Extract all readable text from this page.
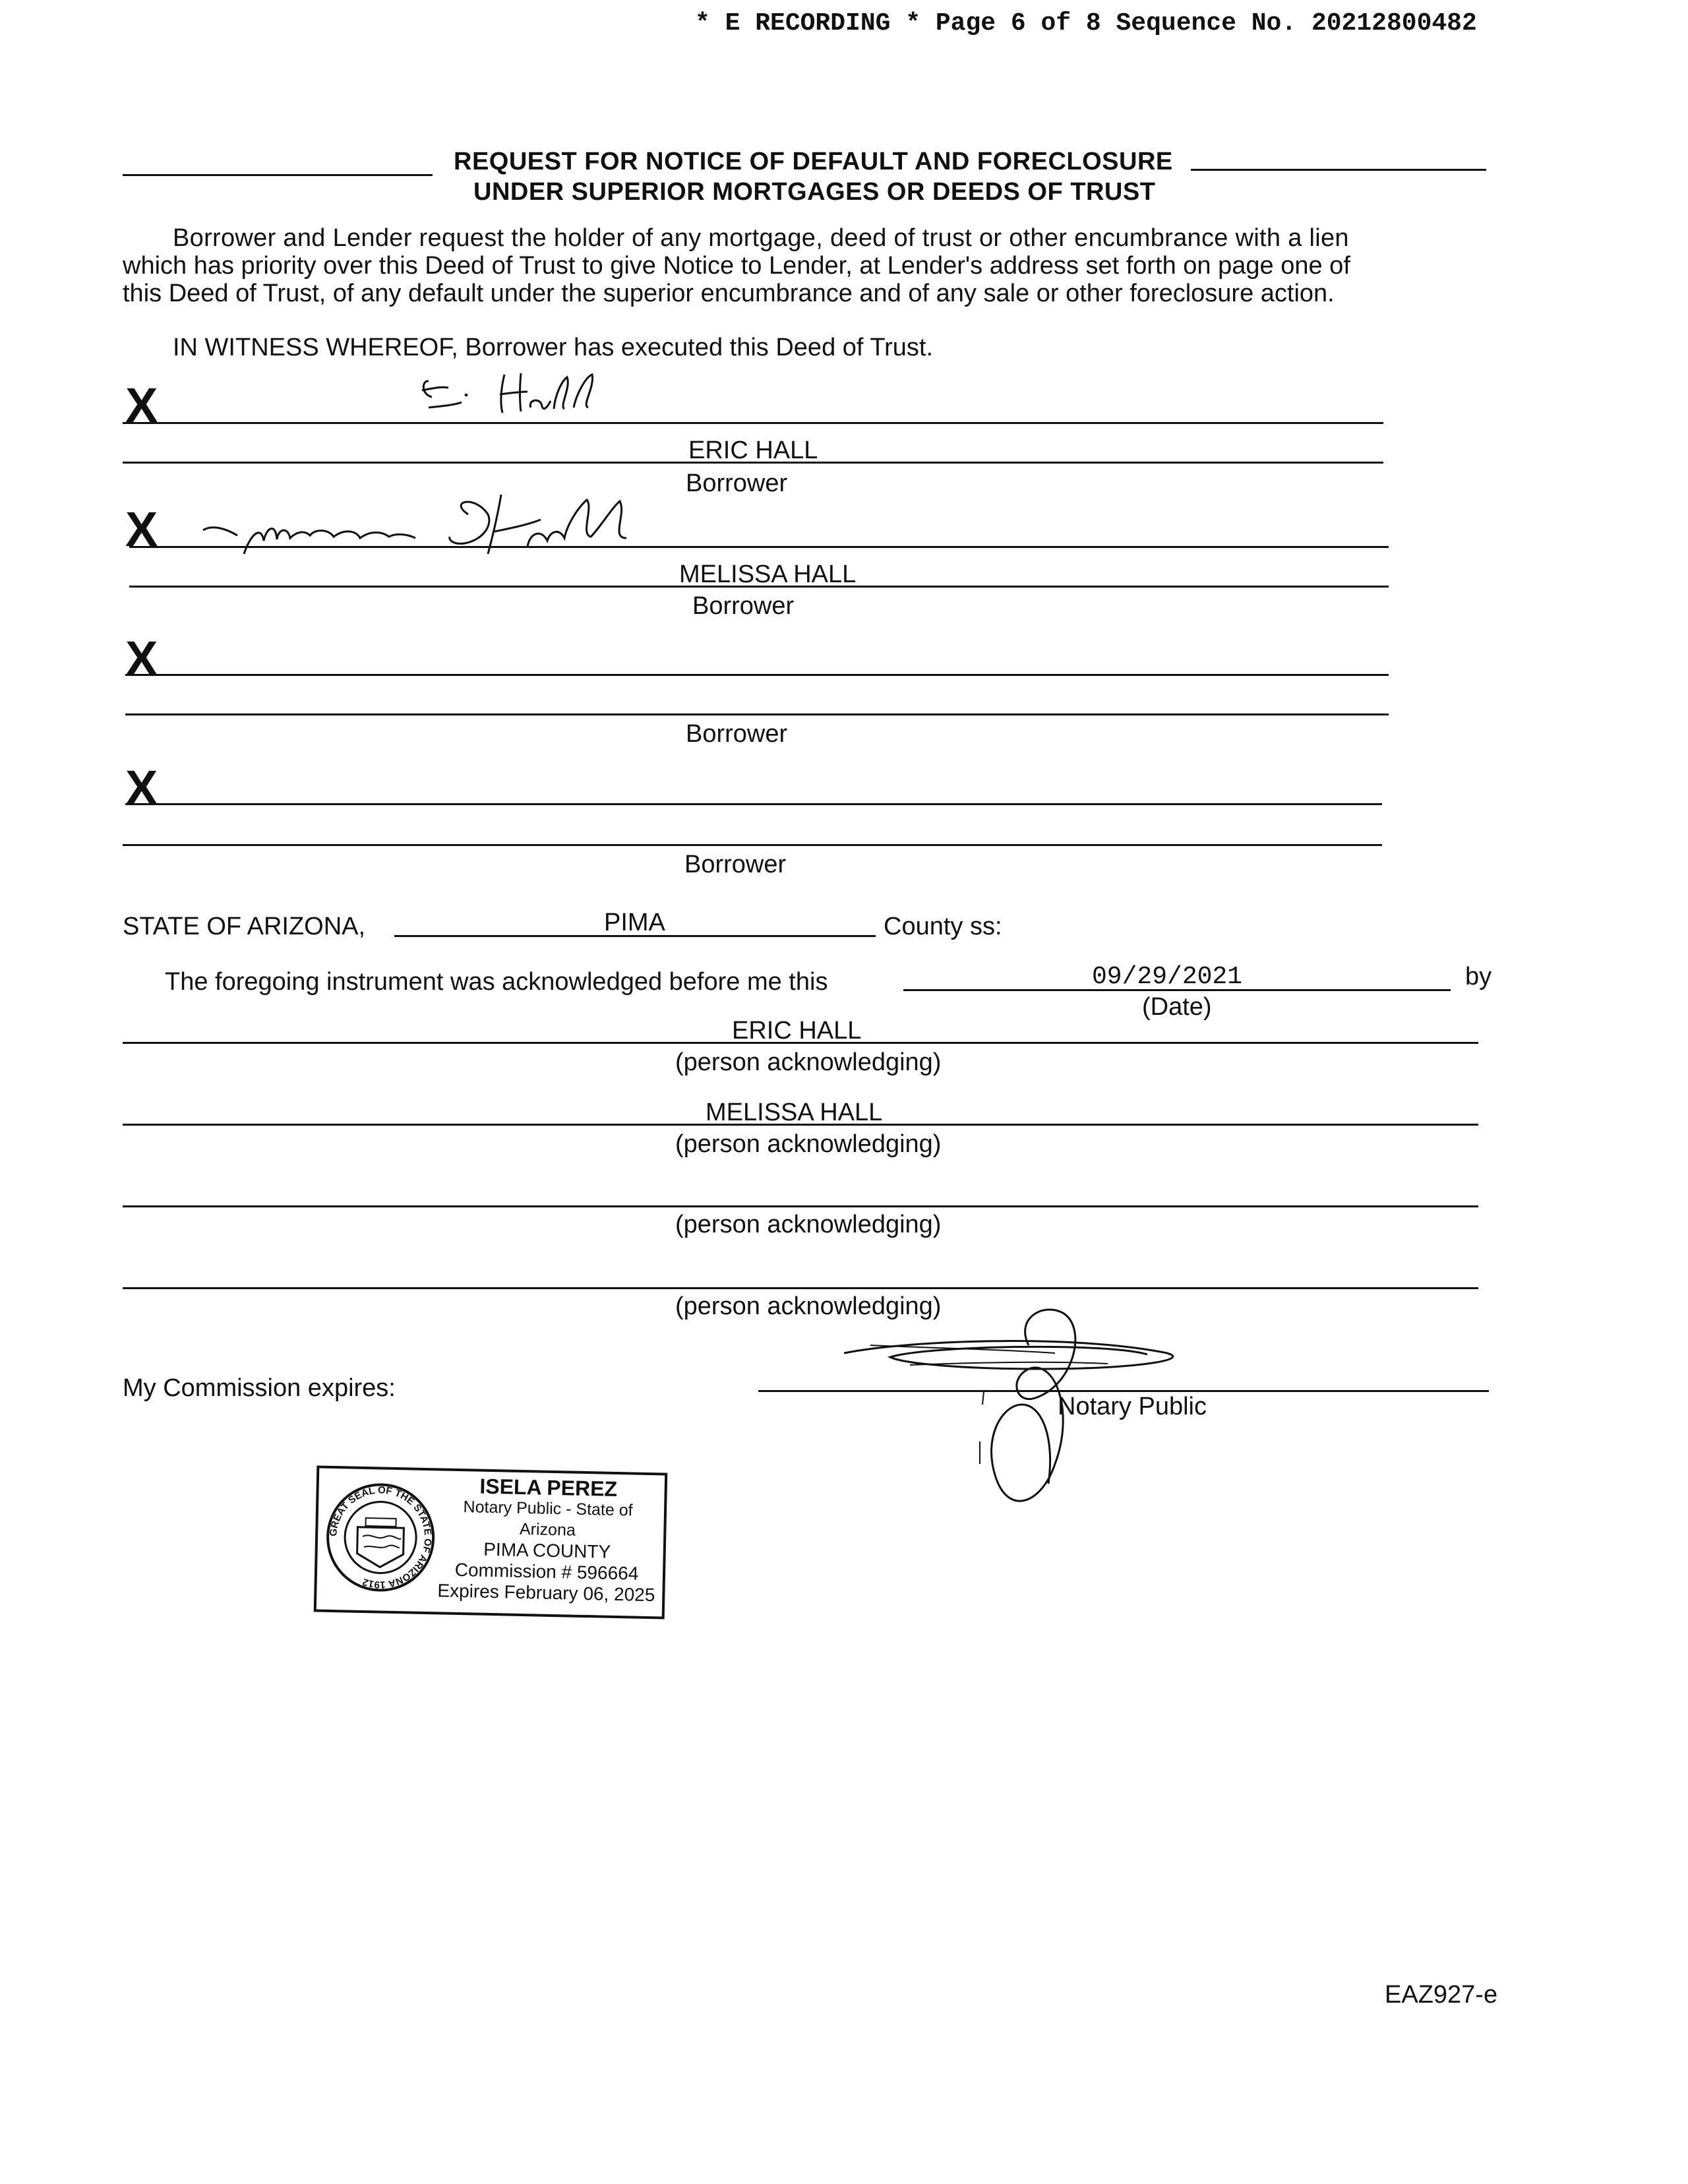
* E RECORDING * Page 6 of 8 Sequence No. 20212800482
REQUEST FOR NOTICE OF DEFAULT AND FORECLOSURE
UNDER SUPERIOR MORTGAGES OR DEEDS OF TRUST
Borrower and Lender request the holder of any mortgage, deed of trust or other encumbrance with a lien
which has priority over this Deed of Trust to give Notice to Lender, at Lender's address set forth on page one of
this Deed of Trust, of any default under the superior encumbrance and of any sale or other foreclosure action.
IN WITNESS WHEREOF, Borrower has executed this Deed of Trust.
X
ERIC HALL
Borrower
X
MELISSA HALL
Borrower
X
Borrower
X
Borrower
STATE OF ARIZONA,	PIMA	County ss:
The foregoing instrument was acknowledged before me this	09/29/2021
(Date)
by
ERIC HALL
(person acknowledging)
MELISSA HALL
(person acknowledging)
(person acknowledging)
(person acknowledging)
My Commission expires:
Notary Public
GREAT SEAL OF THE STATE OF ARIZONA 1912
ISELA PEREZ
Notary Public - State of Arizona
PIMA COUNTY
Commission # 596664
Expires February 06, 2025
EAZ927-e
